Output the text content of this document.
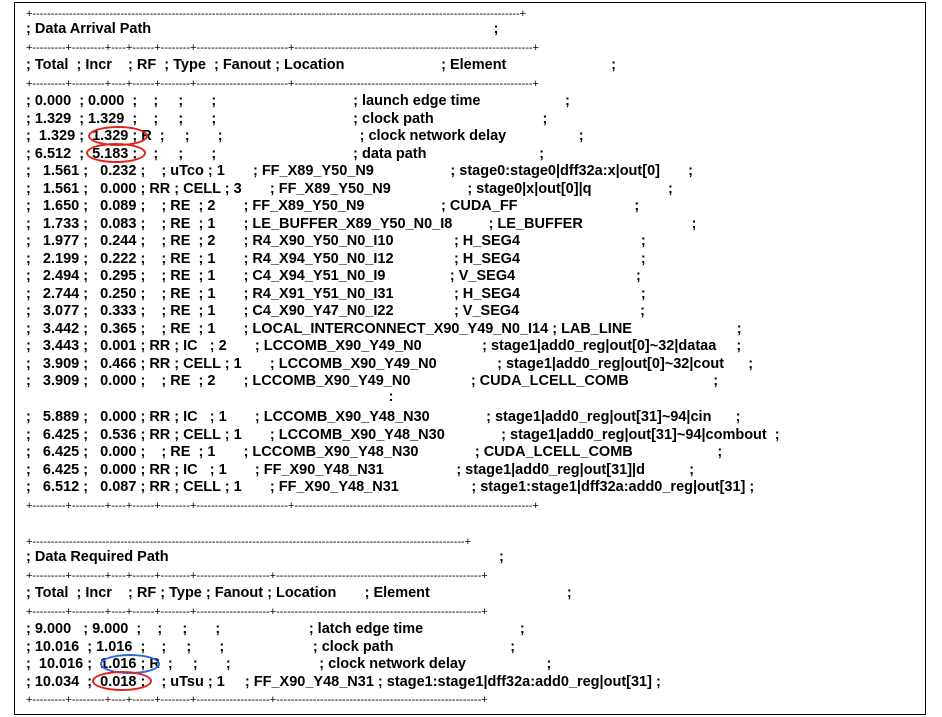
+-------------------------------------------------------------------------------------------------------------------------------------+
; Data Arrival Path                                                                                     ;
+---------+---------+----+------+--------+-------------------------+-----------------------------------------------------------------+
; Total  ; Incr    ; RF  ; Type  ; Fanout ; Location                        ; Element                          ;
+---------+---------+----+------+--------+-------------------------+-----------------------------------------------------------------+
; 0.000  ; 0.000  ;    ;     ;       ;                                  ; launch edge time                     ;
; 1.329  ; 1.329  ;    ;     ;       ;                                  ; clock path                           ;
;  1.329 ;  1.329 ; R  ;     ;       ;                                  ; clock network delay                  ;
; 6.512  ;  5.183 ;    ;     ;       ;                                  ; data path                            ;
;   1.561 ;   0.232 ;    ; uTco ; 1       ; FF_X89_Y50_N9                   ; stage0:stage0|dff32a:x|out[0]       ;
;   1.561 ;   0.000 ; RR ; CELL ; 3       ; FF_X89_Y50_N9                   ; stage0|x|out[0]|q                   ;
;   1.650 ;   0.089 ;    ; RE  ; 2       ; FF_X89_Y50_N9                   ; CUDA_FF                             ;
;   1.733 ;   0.083 ;    ; RE  ; 1       ; LE_BUFFER_X89_Y50_N0_I8         ; LE_BUFFER                           ;
;   1.977 ;   0.244 ;    ; RE  ; 2       ; R4_X90_Y50_N0_I10               ; H_SEG4                              ;
;   2.199 ;   0.222 ;    ; RE  ; 1       ; R4_X94_Y50_N0_I12               ; H_SEG4                              ;
;   2.494 ;   0.295 ;    ; RE  ; 1       ; C4_X94_Y51_N0_I9                ; V_SEG4                              ;
;   2.744 ;   0.250 ;    ; RE  ; 1       ; R4_X91_Y51_N0_I31               ; H_SEG4                              ;
;   3.077 ;   0.333 ;    ; RE  ; 1       ; C4_X90_Y47_N0_I22               ; V_SEG4                              ;
;   3.442 ;   0.365 ;    ; RE  ; 1       ; LOCAL_INTERCONNECT_X90_Y49_N0_I14 ; LAB_LINE                          ;
;   3.443 ;   0.001 ; RR ; IC   ; 2       ; LCCOMB_X90_Y49_N0               ; stage1|add0_reg|out[0]~32|dataa     ;
;   3.909 ;   0.466 ; RR ; CELL ; 1       ; LCCOMB_X90_Y49_N0               ; stage1|add0_reg|out[0]~32|cout      ;
;   3.909 ;   0.000 ;    ; RE  ; 2       ; LCCOMB_X90_Y49_N0               ; CUDA_LCELL_COMB                     ;
:
;   5.889 ;   0.000 ; RR ; IC   ; 1       ; LCCOMB_X90_Y48_N30              ; stage1|add0_reg|out[31]~94|cin      ;
;   6.425 ;   0.536 ; RR ; CELL ; 1       ; LCCOMB_X90_Y48_N30              ; stage1|add0_reg|out[31]~94|combout  ;
;   6.425 ;   0.000 ;    ; RE  ; 1       ; LCCOMB_X90_Y48_N30              ; CUDA_LCELL_COMB                     ;
;   6.425 ;   0.000 ; RR ; IC   ; 1       ; FF_X90_Y48_N31                  ; stage1|add0_reg|out[31]|d           ;
;   6.512 ;   0.087 ; RR ; CELL ; 1       ; FF_X90_Y48_N31                  ; stage1:stage1|dff32a:add0_reg|out[31] ;
+---------+---------+----+------+--------+-------------------------+-----------------------------------------------------------------+
+----------------------------------------------------------------------------------------------------------------------+
; Data Required Path                                                                                  ;
+---------+---------+----+------+--------+--------------------+--------------------------------------------------------+
; Total  ; Incr    ; RF ; Type ; Fanout ; Location       ; Element                                  ;
+---------+---------+----+------+--------+--------------------+--------------------------------------------------------+
; 9.000   ; 9.000  ;    ;     ;       ;                      ; latch edge time                        ;
; 10.016  ; 1.016  ;    ;     ;       ;                      ; clock path                             ;
;  10.016 ;  1.016 ; R  ;     ;       ;                      ; clock network delay                    ;
; 10.034  ;  0.018 ;    ; uTsu ; 1     ; FF_X90_Y48_N31 ; stage1:stage1|dff32a:add0_reg|out[31] ;
+---------+---------+----+------+--------+--------------------+--------------------------------------------------------+
